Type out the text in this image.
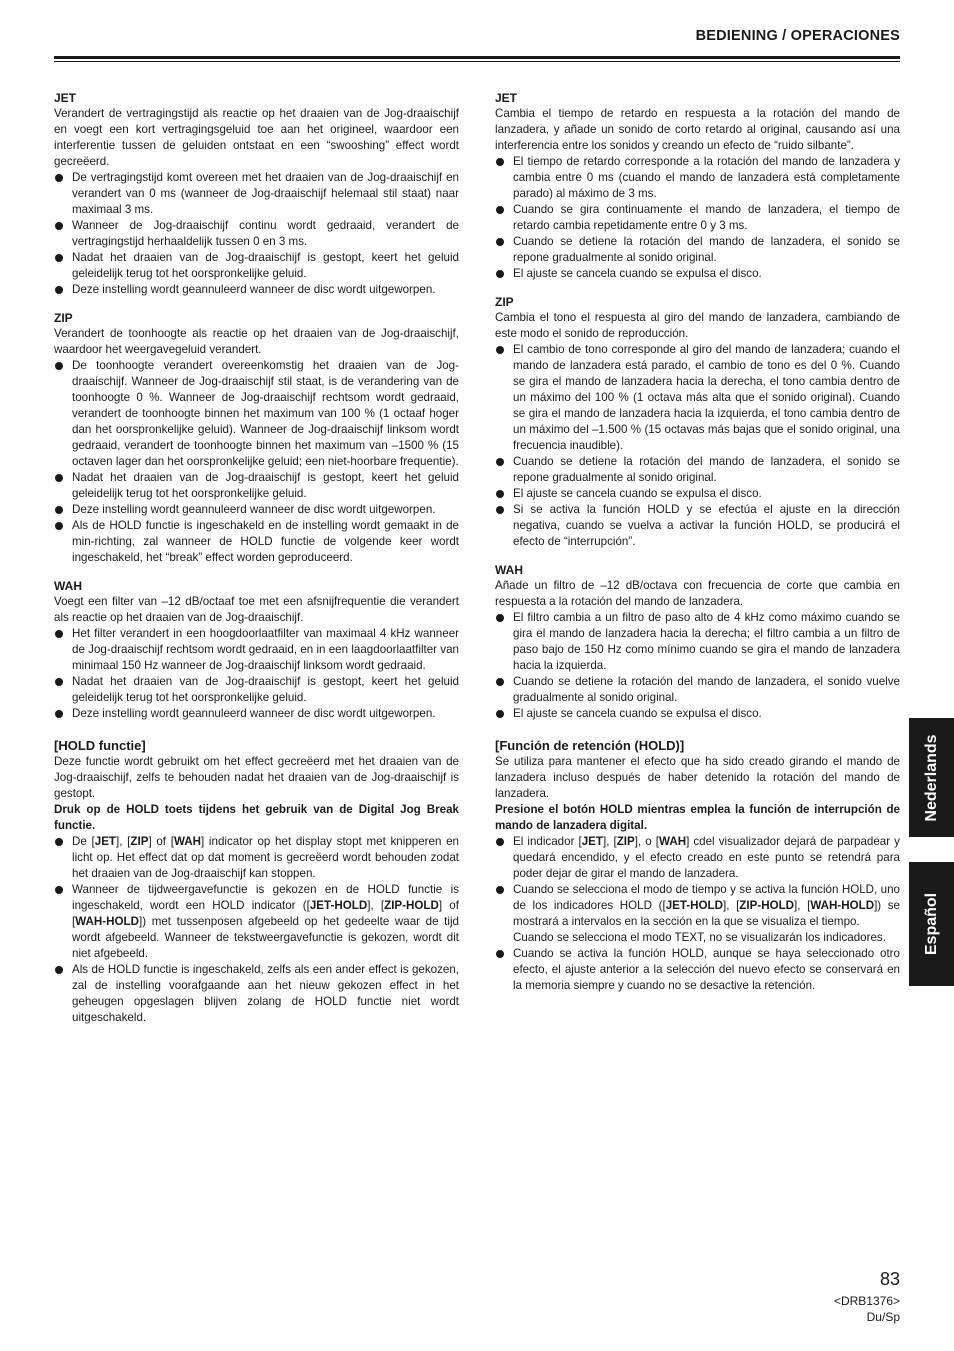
BEDIENING / OPERACIONES

JET

Verandert de vertragingstijd als reactie op het draaien van de Jog-draaischijf en voegt een kort vertragingsgeluid toe aan het origineel, waardoor een interferentie tussen de geluiden ontstaat en een “swooshing” effect wordt gecreëerd.

De vertragingstijd komt overeen met het draaien van de Jog-draaischijf en verandert van 0 ms (wanneer de Jog-draaischijf helemaal stil staat) naar maximaal 3 ms.
Wanneer de Jog-draaischijf continu wordt gedraaid, verandert de vertragingstijd herhaaldelijk tussen 0 en 3 ms.
Nadat het draaien van de Jog-draaischijf is gestopt, keert het geluid geleidelijk terug tot het oorspronkelijke geluid.
Deze instelling wordt geannuleerd wanneer de disc wordt uitgeworpen.

ZIP

Verandert de toonhoogte als reactie op het draaien van de Jog-draaischijf, waardoor het weergavegeluid verandert.

De toonhoogte verandert overeenkomstig het draaien van de Jog-draaischijf. Wanneer de Jog-draaischijf stil staat, is de verandering van de toonhoogte 0 %. Wanneer de Jog-draaischijf rechtsom wordt gedraaid, verandert de toonhoogte binnen het maximum van 100 % (1 octaaf hoger dan het oorspronkelijke geluid). Wanneer de Jog-draaischijf linksom wordt gedraaid, verandert de toonhoogte binnen het maximum van –1500 % (15 octaven lager dan het oorspronkelijke geluid; een niet-hoorbare frequentie).
Nadat het draaien van de Jog-draaischijf is gestopt, keert het geluid geleidelijk terug tot het oorspronkelijke geluid.
Deze instelling wordt geannuleerd wanneer de disc wordt uitgeworpen.
Als de HOLD functie is ingeschakeld en de instelling wordt gemaakt in de min-richting, zal wanneer de HOLD functie de volgende keer wordt ingeschakeld, het “break” effect worden geproduceerd.

WAH

Voegt een filter van –12 dB/octaaf toe met een afsnijfrequentie die verandert als reactie op het draaien van de Jog-draaischijf.

Het filter verandert in een hoogdoorlaatfilter van maximaal 4 kHz wanneer de Jog-draaischijf rechtsom wordt gedraaid, en in een laagdoorlaatfilter van minimaal 150 Hz wanneer de Jog-draaischijf linksom wordt gedraaid.
Nadat het draaien van de Jog-draaischijf is gestopt, keert het geluid geleidelijk terug tot het oorspronkelijke geluid.
Deze instelling wordt geannuleerd wanneer de disc wordt uitgeworpen.

[HOLD functie]

Deze functie wordt gebruikt om het effect gecreëerd met het draaien van de Jog-draaischijf, zelfs te behouden nadat het draaien van de Jog-draaischijf is gestopt.

Druk op de HOLD toets tijdens het gebruik van de Digital Jog Break functie.

De [JET], [ZIP] of [WAH] indicator op het display stopt met knipperen en licht op. Het effect dat op dat moment is gecreëerd wordt behouden zodat het draaien van de Jog-draaischijf kan stoppen.
Wanneer de tijdweergavefunctie is gekozen en de HOLD functie is ingeschakeld, wordt een HOLD indicator ([JET-HOLD], [ZIP-HOLD] of [WAH-HOLD]) met tussenposen afgebeeld op het gedeelte waar de tijd wordt afgebeeld. Wanneer de tekstweergavefunctie is gekozen, wordt dit niet afgebeeld.
Als de HOLD functie is ingeschakeld, zelfs als een ander effect is gekozen, zal de instelling voorafgaande aan het nieuw gekozen effect in het geheugen opgeslagen blijven zolang de HOLD functie niet wordt uitgeschakeld.

JET

Cambia el tiempo de retardo en respuesta a la rotación del mando de lanzadera, y añade un sonido de corto retardo al original, causando así una interferencia entre los sonidos y creando un efecto de “ruido silbante”.

El tiempo de retardo corresponde a la rotación del mando de lanzadera y cambia entre 0 ms (cuando el mando de lanzadera está completamente parado) al máximo de 3 ms.
Cuando se gira continuamente el mando de lanzadera, el tiempo de retardo cambia repetidamente entre 0 y 3 ms.
Cuando se detiene la rotación del mando de lanzadera, el sonido se repone gradualmente al sonido original.
El ajuste se cancela cuando se expulsa el disco.

ZIP

Cambia el tono el respuesta al giro del mando de lanzadera, cambiando de este modo el sonido de reproducción.

El cambio de tono corresponde al giro del mando de lanzadera; cuando el mando de lanzadera está parado, el cambio de tono es del 0 %. Cuando se gira el mando de lanzadera hacia la derecha, el tono cambia dentro de un máximo del 100 % (1 octava más alta que el sonido original). Cuando se gira el mando de lanzadera hacia la izquierda, el tono cambia dentro de un máximo del –1.500 % (15 octavas más bajas que el sonido original, una frecuencia inaudible).
Cuando se detiene la rotación del mando de lanzadera, el sonido se repone gradualmente al sonido original.
El ajuste se cancela cuando se expulsa el disco.
Si se activa la función HOLD y se efectúa el ajuste en la dirección negativa, cuando se vuelva a activar la función HOLD, se producirá el efecto de “interrupción”.

WAH

Añade un filtro de –12 dB/octava con frecuencia de corte que cambia en respuesta a la rotación del mando de lanzadera.

El filtro cambia a un filtro de paso alto de 4 kHz como máximo cuando se gira el mando de lanzadera hacia la derecha; el filtro cambia a un filtro de paso bajo de 150 Hz como mínimo cuando se gira el mando de lanzadera hacia la izquierda.
Cuando se detiene la rotación del mando de lanzadera, el sonido vuelve gradualmente al sonido original.
El ajuste se cancela cuando se expulsa el disco.

[Función de retención (HOLD)]

Se utiliza para mantener el efecto que ha sido creado girando el mando de lanzadera incluso después de haber detenido la rotación del mando de lanzadera.

Presione el botón HOLD mientras emplea la función de interrupción de mando de lanzadera digital.

El indicador [JET], [ZIP], o [WAH] cdel visualizador dejará de parpadear y quedará encendido, y el efecto creado en este punto se retendrá para poder dejar de girar el mando de lanzadera.
Cuando se selecciona el modo de tiempo y se activa la función HOLD, uno de los indicadores HOLD ([JET-HOLD], [ZIP-HOLD], [WAH-HOLD]) se mostrará a intervalos en la sección en la que se visualiza el tiempo.
Cuando se selecciona el modo TEXT, no se visualizarán los indicadores.
Cuando se activa la función HOLD, aunque se haya seleccionado otro efecto, el ajuste anterior a la selección del nuevo efecto se conservará en la memoria siempre y cuando no se desactive la retención.
Nederlands
Español
83
<DRB1376>
Du/Sp
